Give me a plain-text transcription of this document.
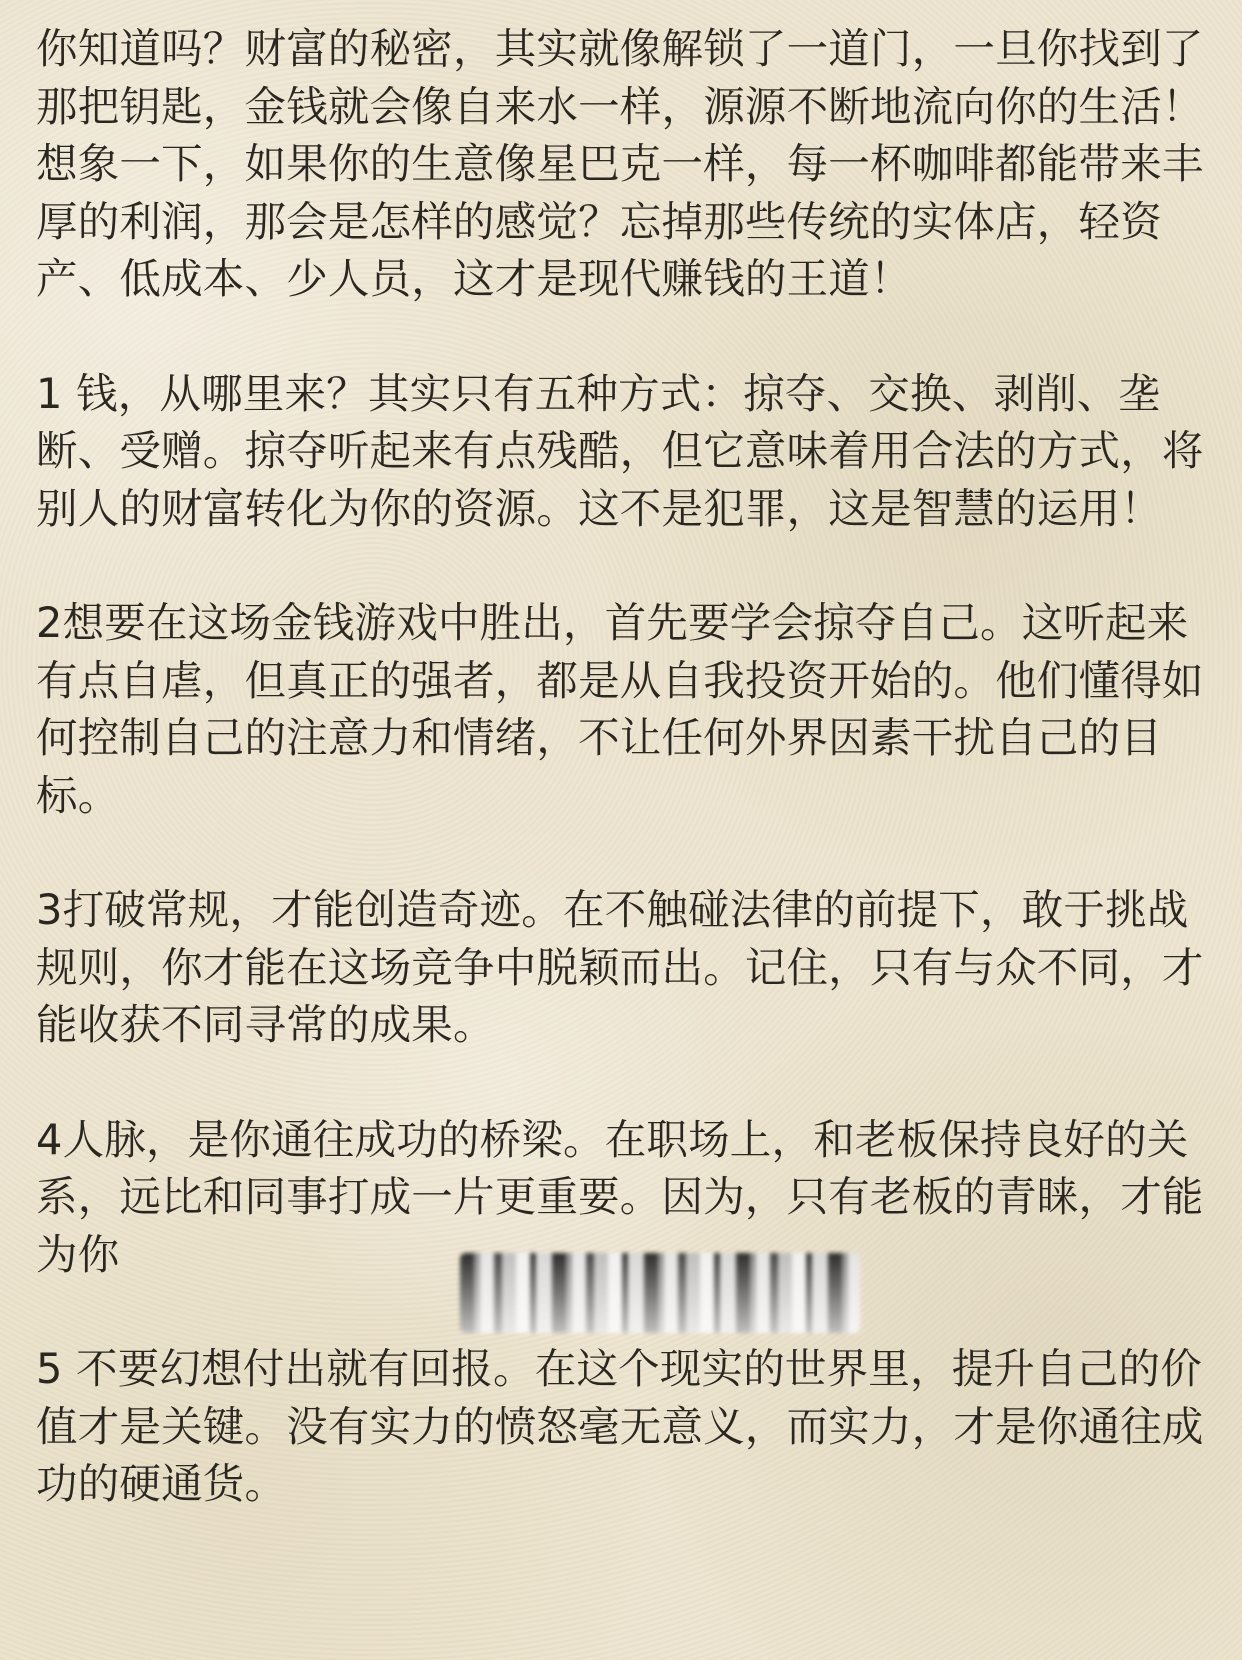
你知道吗？财富的秘密，其实就像解锁了一道门，一旦你找到了那把钥匙，金钱就会像自来水一样，源源不断地流向你的生活！想象一下，如果你的生意像星巴克一样，每一杯咖啡都能带来丰厚的利润，那会是怎样的感觉？忘掉那些传统的实体店，轻资产、低成本、少人员，这才是现代赚钱的王道！

1 钱，从哪里来？其实只有五种方式：掠夺、交换、剥削、垄断、受赠。掠夺听起来有点残酷，但它意味着用合法的方式，将别人的财富转化为你的资源。这不是犯罪，这是智慧的运用！

2想要在这场金钱游戏中胜出，首先要学会掠夺自己。这听起来有点自虐，但真正的强者，都是从自我投资开始的。他们懂得如何控制自己的注意力和情绪，不让任何外界因素干扰自己的目标。

3打破常规，才能创造奇迹。在不触碰法律的前提下，敢于挑战规则，你才能在这场竞争中脱颖而出。记住，只有与众不同，才能收获不同寻常的成果。

4人脉，是你通往成功的桥梁。在职场上，和老板保持良好的关系，远比和同事打成一片更重要。因为，只有老板的青睐，才能为你

5 不要幻想付出就有回报。在这个现实的世界里，提升自己的价值才是关键。没有实力的愤怒毫无意义，而实力，才是你通往成功的硬通货。
